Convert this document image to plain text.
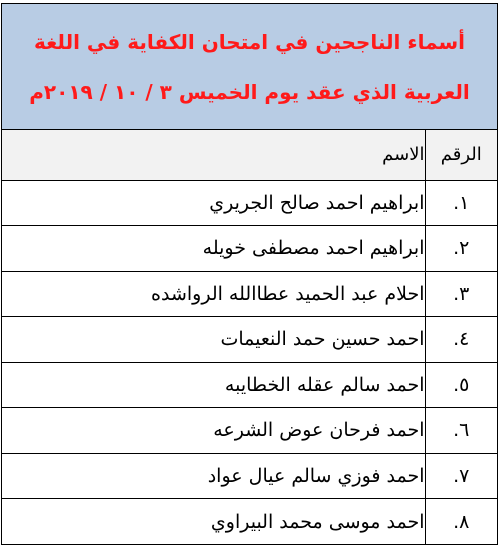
أسماء الناجحين في امتحان الكفاية في اللغة
العربية الذي عقد يوم الخميس ٣ / ١٠ / ٢٠١٩م
الرقم	الاسم
١.	ابراهيم احمد صالح الجريري
٢.	ابراهيم احمد مصطفى خويله
٣.	احلام عبد الحميد عطاالله الرواشده
٤.	احمد حسين حمد النعيمات
٥.	احمد سالم عقله الخطايبه
٦.	احمد فرحان عوض الشرعه
٧.	احمد فوزي سالم عيال عواد
٨.	احمد موسى محمد البيراوي
